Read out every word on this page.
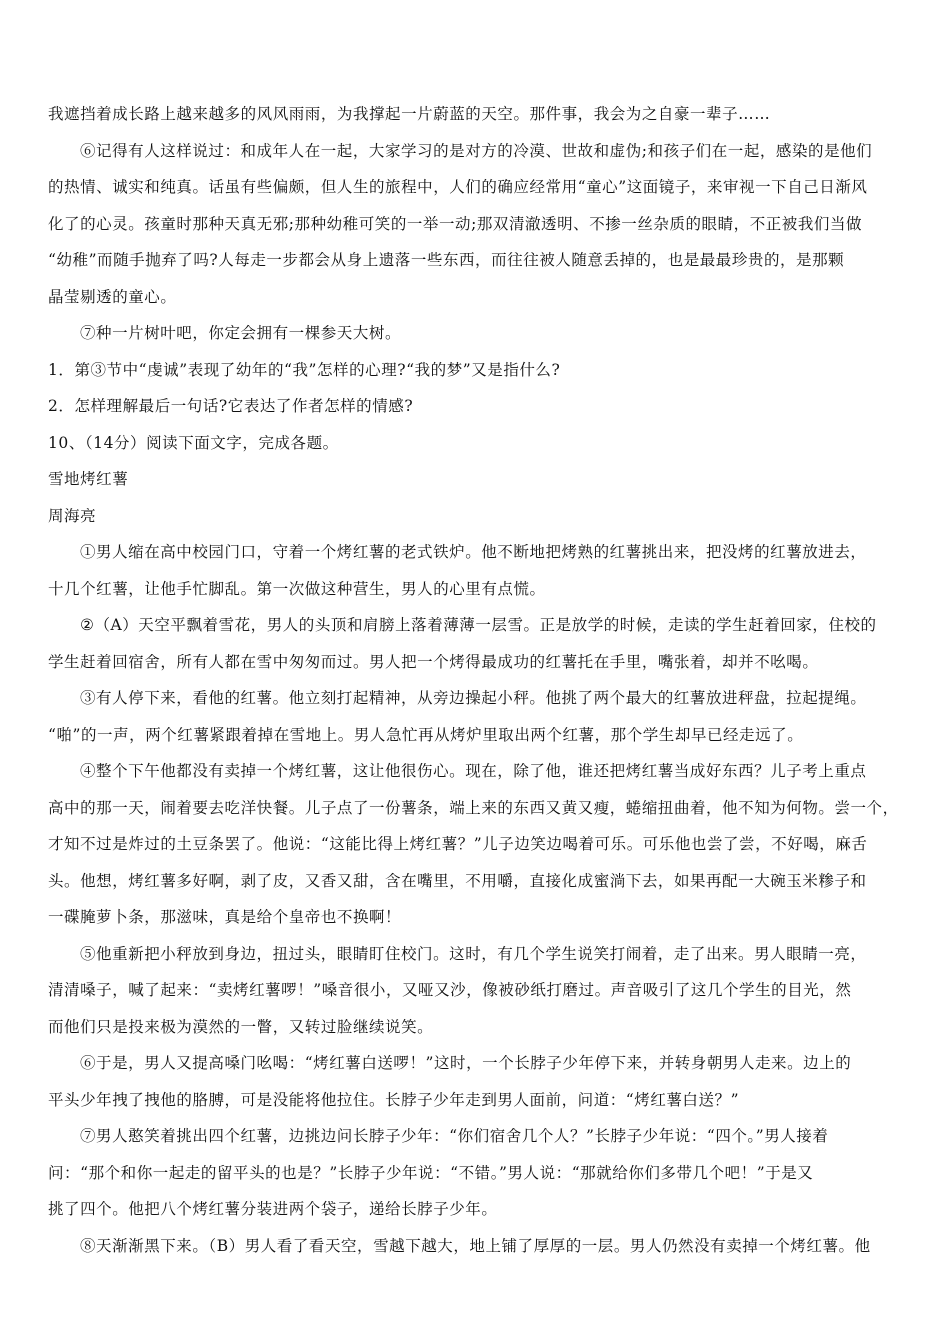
我遮挡着成长路上越来越多的风风雨雨，为我撑起一片蔚蓝的天空。那件事，我会为之自豪一辈子……
⑥记得有人这样说过：和成年人在一起，大家学习的是对方的冷漠、世故和虚伪;和孩子们在一起，感染的是他们
的热情、诚实和纯真。话虽有些偏颇，但人生的旅程中，人们的确应经常用“童心”这面镜子，来审视一下自己日渐风
化了的心灵。孩童时那种天真无邪;那种幼稚可笑的一举一动;那双清澈透明、不掺一丝杂质的眼睛，不正被我们当做
“幼稚”而随手抛弃了吗?人每走一步都会从身上遗落一些东西，而往往被人随意丢掉的，也是最最珍贵的，是那颗
晶莹剔透的童心。
⑦种一片树叶吧，你定会拥有一棵参天大树。
1．第③节中“虔诚”表现了幼年的“我”怎样的心理?“我的梦”又是指什么?
2．怎样理解最后一句话?它表达了作者怎样的情感?
10、（14分）阅读下面文字，完成各题。
雪地烤红薯
周海亮
①男人缩在高中校园门口，守着一个烤红薯的老式铁炉。他不断地把烤熟的红薯挑出来，把没烤的红薯放进去，
十几个红薯，让他手忙脚乱。第一次做这种营生，男人的心里有点慌。
②（A）天空平飘着雪花，男人的头顶和肩膀上落着薄薄一层雪。正是放学的时候，走读的学生赶着回家，住校的
学生赶着回宿舍，所有人都在雪中匆匆而过。男人把一个烤得最成功的红薯托在手里，嘴张着，却并不吆喝。
③有人停下来，看他的红薯。他立刻打起精神，从旁边操起小秤。他挑了两个最大的红薯放进秤盘，拉起提绳。
“啪”的一声，两个红薯紧跟着掉在雪地上。男人急忙再从烤炉里取出两个红薯，那个学生却早已经走远了。
④整个下午他都没有卖掉一个烤红薯，这让他很伤心。现在，除了他，谁还把烤红薯当成好东西？儿子考上重点
高中的那一天，闹着要去吃洋快餐。儿子点了一份薯条，端上来的东西又黄又瘦，蜷缩扭曲着，他不知为何物。尝一个，
才知不过是炸过的土豆条罢了。他说：“这能比得上烤红薯？”儿子边笑边喝着可乐。可乐他也尝了尝，不好喝，麻舌
头。他想，烤红薯多好啊，剥了皮，又香又甜，含在嘴里，不用嚼，直接化成蜜淌下去，如果再配一大碗玉米糁子和
一碟腌萝卜条，那滋味，真是给个皇帝也不换啊！
⑤他重新把小秤放到身边，扭过头，眼睛盯住校门。这时，有几个学生说笑打闹着，走了出来。男人眼睛一亮，
清清嗓子，喊了起来：“卖烤红薯啰！”嗓音很小，又哑又沙，像被砂纸打磨过。声音吸引了这几个学生的目光，然
而他们只是投来极为漠然的一瞥，又转过脸继续说笑。
⑥于是，男人又提高嗓门吆喝：“烤红薯白送啰！”这时，一个长脖子少年停下来，并转身朝男人走来。边上的
平头少年拽了拽他的胳膊，可是没能将他拉住。长脖子少年走到男人面前，问道：“烤红薯白送？”
⑦男人憨笑着挑出四个红薯，边挑边问长脖子少年：“你们宿舍几个人？”长脖子少年说：“四个。”男人接着
问：“那个和你一起走的留平头的也是？”长脖子少年说：“不错。”男人说：“那就给你们多带几个吧！”于是又
挑了四个。他把八个烤红薯分装进两个袋子，递给长脖子少年。
⑧天渐渐黑下来。（B）男人看了看天空，雪越下越大，地上铺了厚厚的一层。男人仍然没有卖掉一个烤红薯。他
